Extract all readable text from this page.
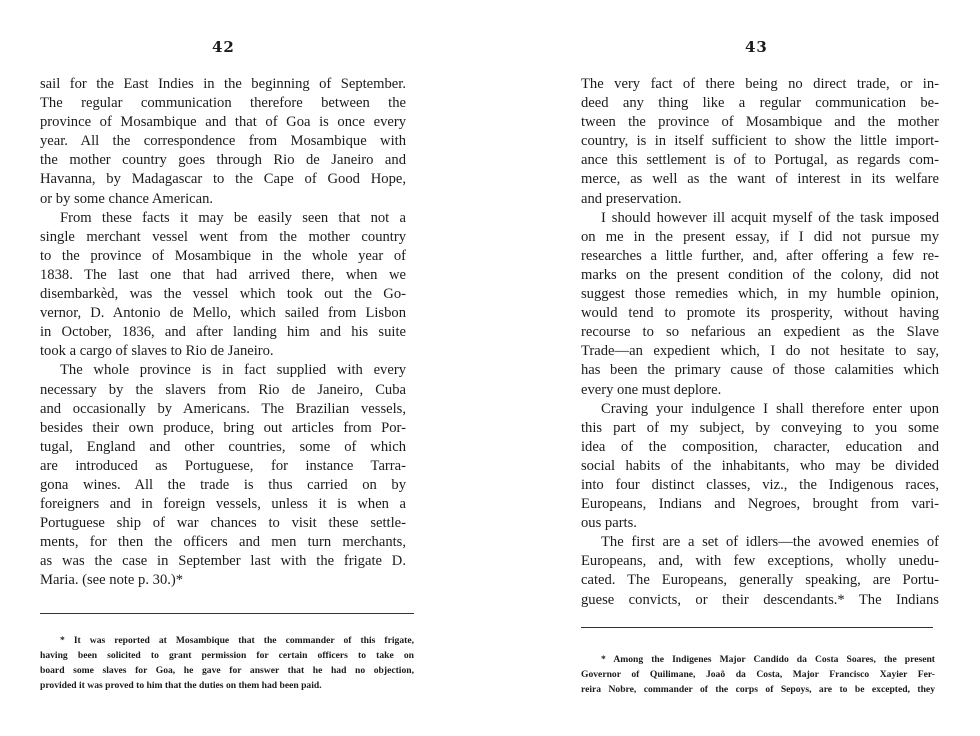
42
sail for the East Indies in the beginning of September.
The regular communication therefore between the
province of Mosambique and that of Goa is once every
year. All the correspondence from Mosambique with
the mother country goes through Rio de Janeiro and
Havanna, by Madagascar to the Cape of Good Hope,
or by some chance American.
From these facts it may be easily seen that not a
single merchant vessel went from the mother country
to the province of Mosambique in the whole year of
1838. The last one that had arrived there, when we
disembarkèd, was the vessel which took out the Go-
vernor, D. Antonio de Mello, which sailed from Lisbon
in October, 1836, and after landing him and his suite
took a cargo of slaves to Rio de Janeiro.
The whole province is in fact supplied with every
necessary by the slavers from Rio de Janeiro, Cuba
and occasionally by Americans. The Brazilian vessels,
besides their own produce, bring out articles from Por-
tugal, England and other countries, some of which
are introduced as Portuguese, for instance Tarra-
gona wines. All the trade is thus carried on by
foreigners and in foreign vessels, unless it is when a
Portuguese ship of war chances to visit these settle-
ments, for then the officers and men turn merchants,
as was the case in September last with the frigate D.
Maria. (see note p. 30.)*
* It was reported at Mosambique that the commander of this frigate,
having been solicited to grant permission for certain officers to take on
board some slaves for Goa, he gave for answer that he had no objection,
provided it was proved to him that the duties on them had been paid.
43
The very fact of there being no direct trade, or in-
deed any thing like a regular communication be-
tween the province of Mosambique and the mother
country, is in itself sufficient to show the little import-
ance this settlement is of to Portugal, as regards com-
merce, as well as the want of interest in its welfare
and preservation.
I should however ill acquit myself of the task imposed
on me in the present essay, if I did not pursue my
researches a little further, and, after offering a few re-
marks on the present condition of the colony, did not
suggest those remedies which, in my humble opinion,
would tend to promote its prosperity, without having
recourse to so nefarious an expedient as the Slave
Trade—an expedient which, I do not hesitate to say,
has been the primary cause of those calamities which
every one must deplore.
Craving your indulgence I shall therefore enter upon
this part of my subject, by conveying to you some
idea of the composition, character, education and
social habits of the inhabitants, who may be divided
into four distinct classes, viz., the Indigenous races,
Europeans, Indians and Negroes, brought from vari-
ous parts.
The first are a set of idlers—the avowed enemies of
Europeans, and, with few exceptions, wholly unedu-
cated. The Europeans, generally speaking, are Portu-
guese convicts, or their descendants.* The Indians
* Among the Indigenes Major Candido da Costa Soares, the present
Governor of Quilimane, Joaô da Costa, Major Francisco Xayier Fer-
reira Nobre, commander of the corps of Sepoys, are to be excepted, they
